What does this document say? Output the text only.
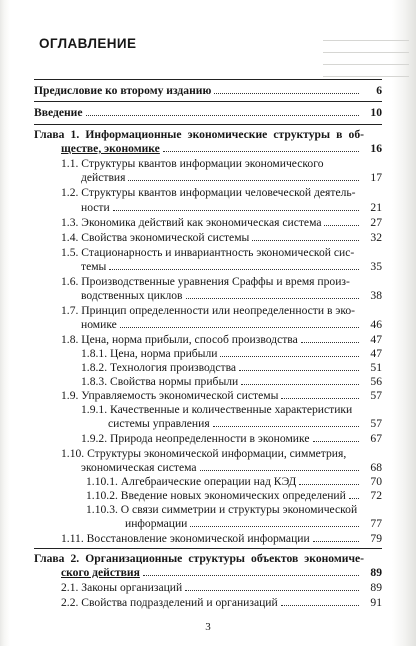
ОГЛАВЛЕНИЕ
Предисловие ко второму изданию	6
Введение	10
Глава 1. Информационные экономические структуры в об-
ществе, экономике	16
1.1. Структуры квантов информации экономического
действия	17
1.2. Структуры квантов информации человеческой деятель-
ности	21
1.3. Экономика действий как экономическая система	27
1.4. Свойства экономической системы	32
1.5. Стационарность и инвариантность экономической сис-
темы	35
1.6. Производственные уравнения Сраффы и время произ-
водственных циклов	38
1.7. Принцип определенности или неопределенности в эко-
номике	46
1.8. Цена, норма прибыли, способ производства	47
1.8.1. Цена, норма прибыли	47
1.8.2. Технология производства	51
1.8.3. Свойства нормы прибыли	56
1.9. Управляемость экономической системы	57
1.9.1. Качественные и количественные характеристики
системы управления	57
1.9.2. Природа неопределенности в экономике	67
1.10. Структуры экономической информации, симметрия,
экономическая система	68
1.10.1. Алгебраические операции над КЭД	70
1.10.2. Введение новых экономических определений 72
1.10.3. О связи симметрии и структуры экономической
информации	77
1.11. Восстановление экономической информации	79
Глава 2. Организационные структуры объектов экономиче-
ского действия	89
2.1. Законы организаций	89
2.2. Свойства подразделений и организаций	91
3
